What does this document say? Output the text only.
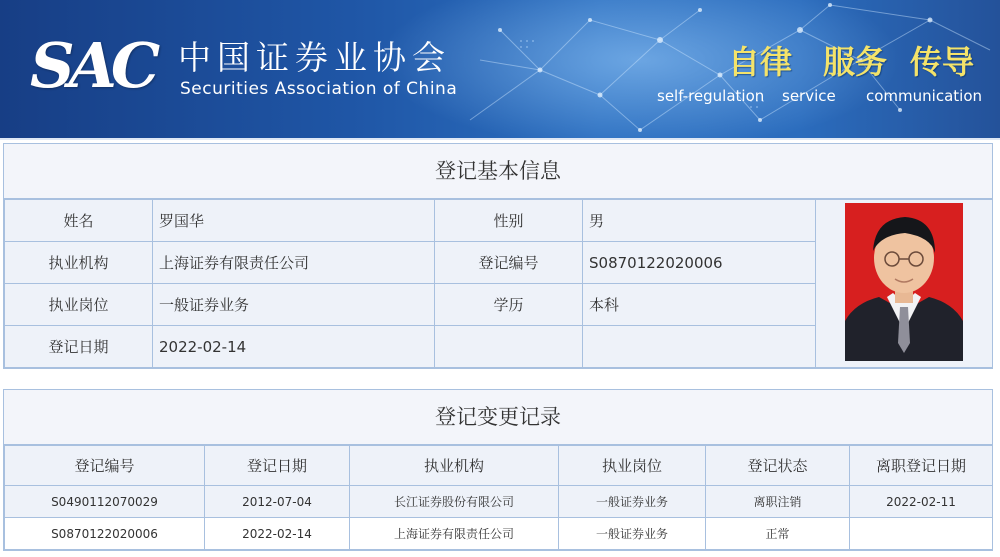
SAC 中国证券业协会
Securities Association of China
自律
self-regulation
服务
service
传导
communication
登记基本信息
姓名	罗国华	性别	男	
执业机构	上海证券有限责任公司	登记编号	S0870122020006	
执业岗位	一般证券业务	学历	本科	
登记日期	2022-02-14			
登记变更记录
登记编号	登记日期	执业机构	执业岗位	登记状态	离职登记日期
S0490112070029	2012-07-04	长江证券股份有限公司	一般证券业务	离职注销	2022-02-11
S0870122020006	2022-02-14	上海证券有限责任公司	一般证券业务	正常	
